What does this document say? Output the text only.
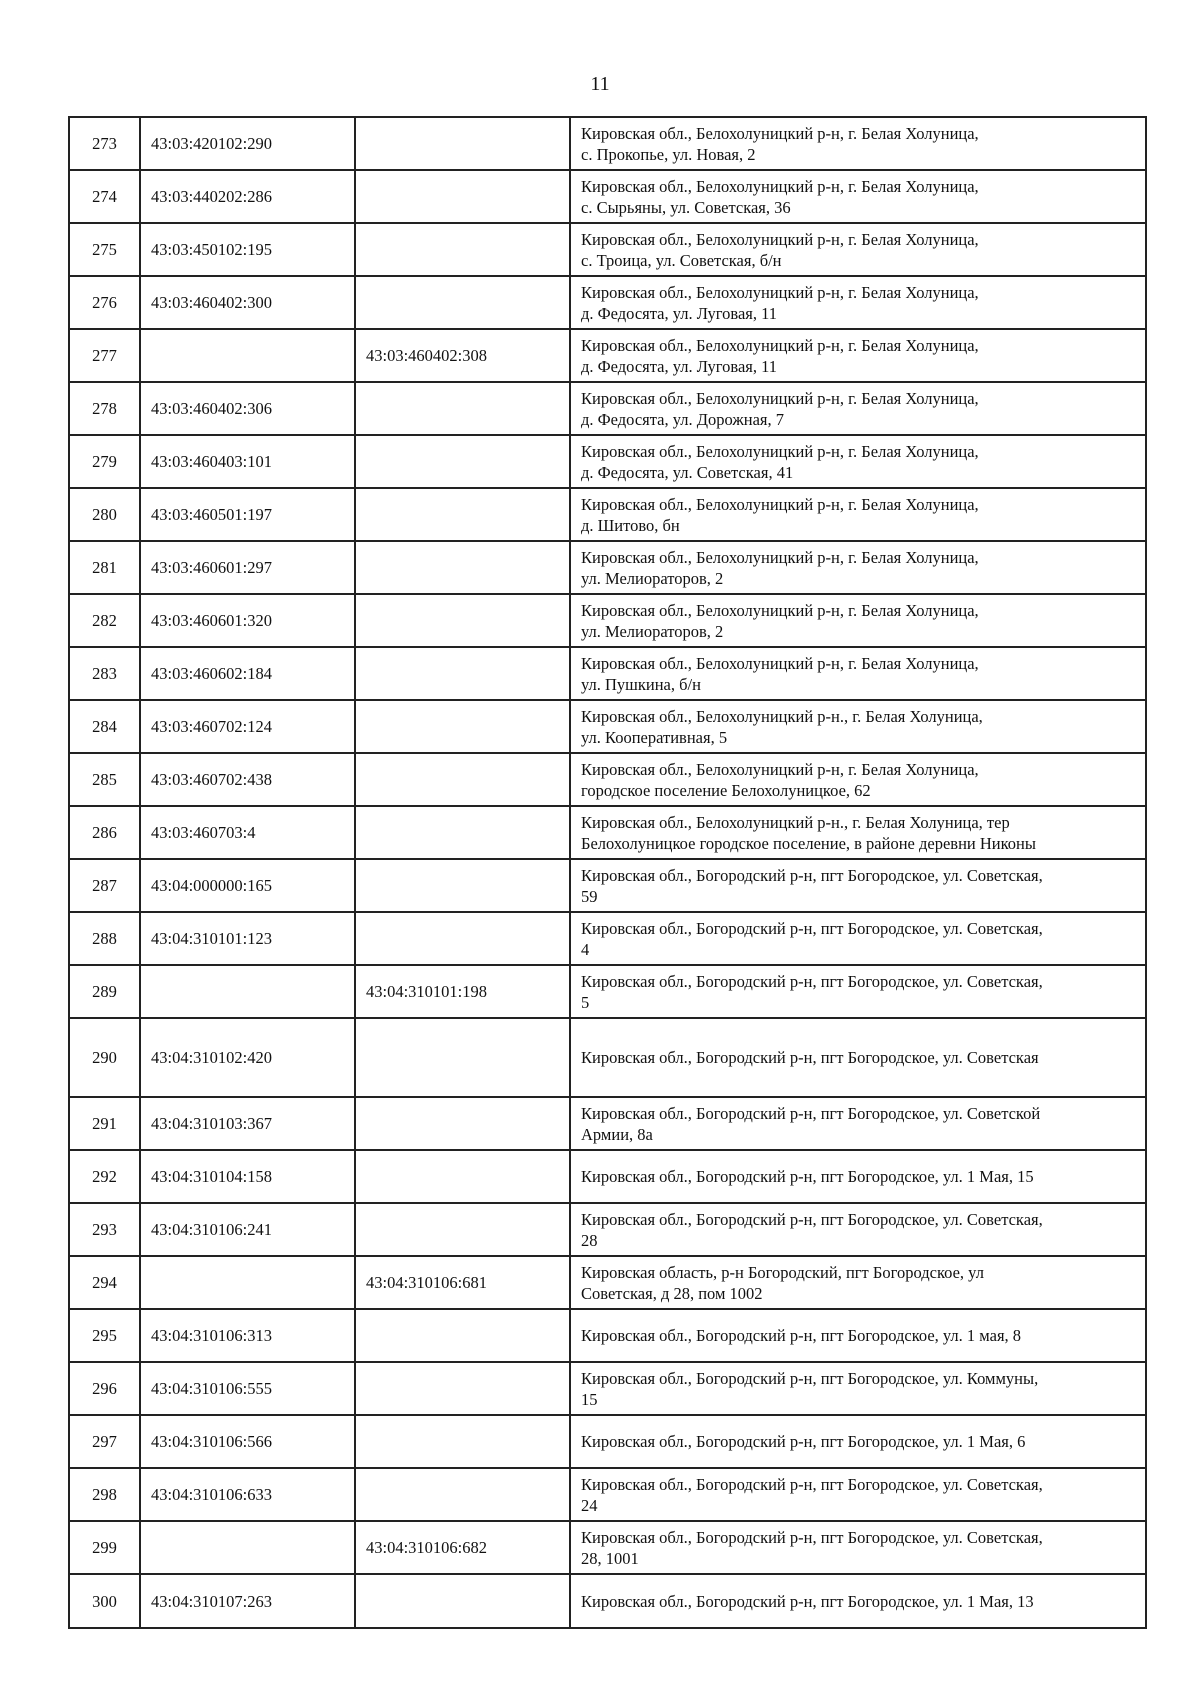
11
273	43:03:420102:290		Кировская обл., Белохолуницкий р-н, г. Белая Холуница,
с. Прокопье, ул. Новая, 2

274	43:03:440202:286		Кировская обл., Белохолуницкий р-н, г. Белая Холуница,
с. Сырьяны, ул. Советская, 36

275	43:03:450102:195		Кировская обл., Белохолуницкий р-н, г. Белая Холуница,
с. Троица, ул. Советская, б/н

276	43:03:460402:300		Кировская обл., Белохолуницкий р-н, г. Белая Холуница,
д. Федосята, ул. Луговая, 11

277		43:03:460402:308	Кировская обл., Белохолуницкий р-н, г. Белая Холуница,
д. Федосята, ул. Луговая, 11

278	43:03:460402:306		Кировская обл., Белохолуницкий р-н, г. Белая Холуница,
д. Федосята, ул. Дорожная, 7

279	43:03:460403:101		Кировская обл., Белохолуницкий р-н, г. Белая Холуница,
д. Федосята, ул. Советская, 41

280	43:03:460501:197		Кировская обл., Белохолуницкий р-н, г. Белая Холуница,
д. Шитово, бн

281	43:03:460601:297		Кировская обл., Белохолуницкий р-н, г. Белая Холуница,
ул. Мелиораторов, 2

282	43:03:460601:320		Кировская обл., Белохолуницкий р-н, г. Белая Холуница,
ул. Мелиораторов, 2

283	43:03:460602:184		Кировская обл., Белохолуницкий р-н, г. Белая Холуница,
ул. Пушкина, б/н

284	43:03:460702:124		Кировская обл., Белохолуницкий р-н., г. Белая Холуница,
ул. Кооперативная, 5

285	43:03:460702:438		Кировская обл., Белохолуницкий р-н, г. Белая Холуница,
городское поселение Белохолуницкое, 62

286	43:03:460703:4		Кировская обл., Белохолуницкий р-н., г. Белая Холуница, тер
Белохолуницкое городское поселение, в районе деревни Никоны

287	43:04:000000:165		Кировская обл., Богородский р-н, пгт Богородское, ул. Советская,
59

288	43:04:310101:123		Кировская обл., Богородский р-н, пгт Богородское, ул. Советская,
4

289		43:04:310101:198	Кировская обл., Богородский р-н, пгт Богородское, ул. Советская,
5

290	43:04:310102:420		Кировская обл., Богородский р-н, пгт Богородское, ул. Советская

291	43:04:310103:367		Кировская обл., Богородский р-н, пгт Богородское, ул. Советской
Армии, 8а

292	43:04:310104:158		Кировская обл., Богородский р-н, пгт Богородское, ул. 1 Мая, 15

293	43:04:310106:241		Кировская обл., Богородский р-н, пгт Богородское, ул. Советская,
28

294		43:04:310106:681	Кировская область, р-н Богородский, пгт Богородское, ул
Советская, д 28, пом 1002

295	43:04:310106:313		Кировская обл., Богородский р-н, пгт Богородское, ул. 1 мая, 8

296	43:04:310106:555		Кировская обл., Богородский р-н, пгт Богородское, ул. Коммуны,
15

297	43:04:310106:566		Кировская обл., Богородский р-н, пгт Богородское, ул. 1 Мая, 6

298	43:04:310106:633		Кировская обл., Богородский р-н, пгт Богородское, ул. Советская,
24

299		43:04:310106:682	Кировская обл., Богородский р-н, пгт Богородское, ул. Советская,
28, 1001

300	43:04:310107:263		Кировская обл., Богородский р-н, пгт Богородское, ул. 1 Мая, 13
